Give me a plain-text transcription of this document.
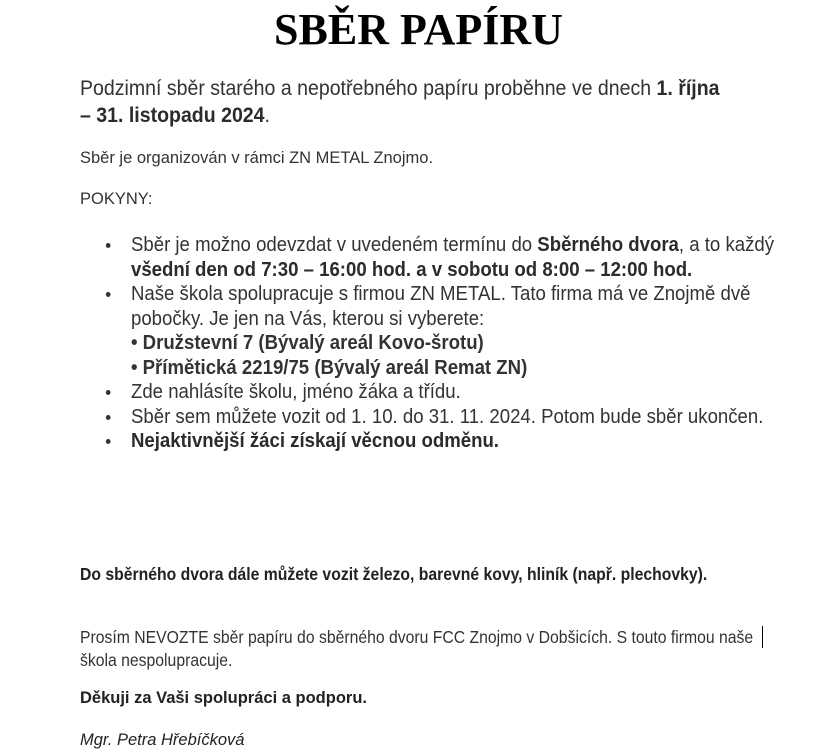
SBĚR PAPÍRU
Podzimní sběr starého a nepotřebného papíru proběhne ve dnech 1. října – 31. listopadu 2024.
Sběr je organizován v rámci ZN METAL Znojmo.
POKYNY:
Sběr je možno odevzdat v uvedeném termínu do Sběrného dvora, a to každý všední den od 7:30 – 16:00 hod. a v sobotu od 8:00 – 12:00 hod.
Naše škola spolupracuje s firmou ZN METAL. Tato firma má ve Znojmě dvě pobočky. Je jen na Vás, kterou si vyberete:
• Družstevní 7 (Bývalý areál Kovo-šrotu)
• Přímětická 2219/75 (Bývalý areál Remat ZN)
Zde nahlásíte školu, jméno žáka a třídu.
Sběr sem můžete vozit od 1. 10. do 31. 11. 2024. Potom bude sběr ukončen.
Nejaktivnější žáci získají věcnou odměnu.
Do sběrného dvora dále můžete vozit železo, barevné kovy, hliník (např. plechovky).
Prosím NEVOZTE sběr papíru do sběrného dvoru FCC Znojmo v Dobšicích. S touto firmou naše škola nespolupracuje.
Děkuji za Vaši spolupráci a podporu.
Mgr. Petra Hřebíčková
